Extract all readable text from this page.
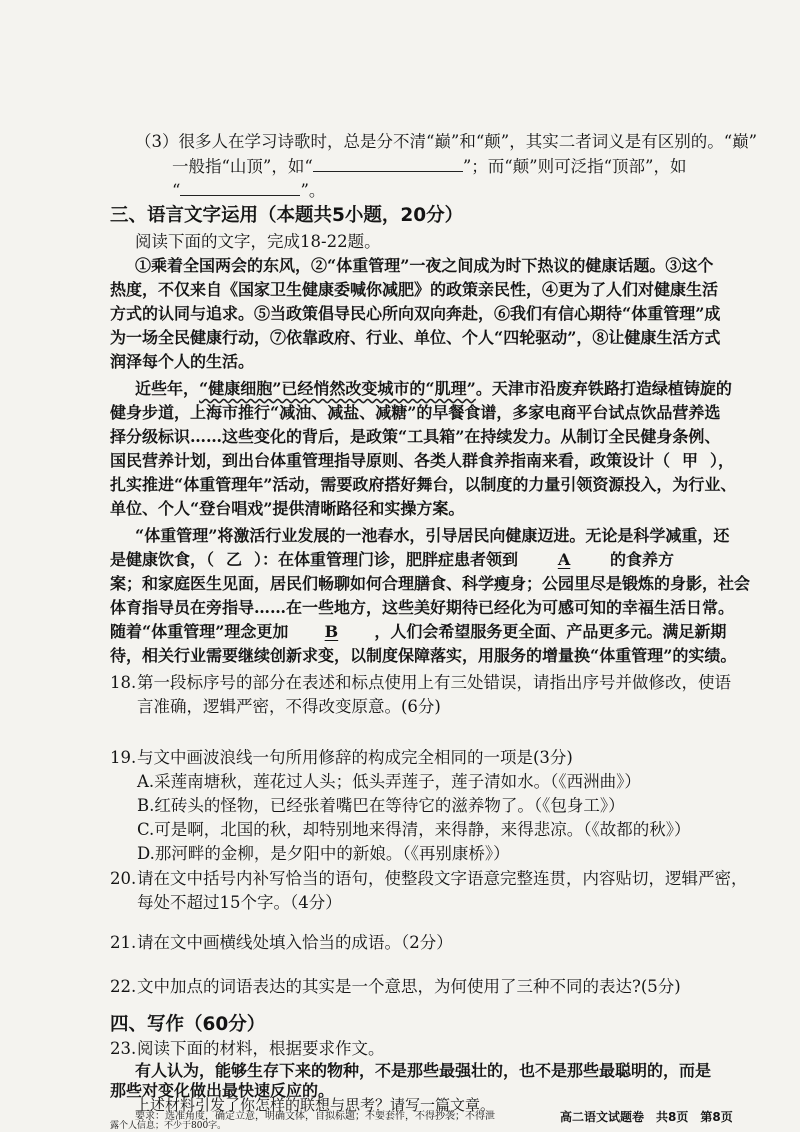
（3）很多人在学习诗歌时，总是分不清“巅”和“颠”，其实二者词义是有区别的。“巅”
一般指“山顶”，如“	”；而“颠”则可泛指“顶部”，如
“	”。
三、语言文字运用（本题共5小题，20分）
阅读下面的文字，完成18-22题。
①乘着全国两会的东风，②“体重管理”一夜之间成为时下热议的健康话题。③这个
热度，不仅来自《国家卫生健康委喊你减肥》的政策亲民性，④更为了人们对健康生活
方式的认同与追求。⑤当政策倡导民心所向双向奔赴，⑥我们有信心期待“体重管理”成
为一场全民健康行动，⑦依靠政府、行业、单位、个人“四轮驱动”，⑧让健康生活方式
润泽每个人的生活。
近些年，“健康细胞”已经悄然改变城市的“肌理”。天津市沿废弃铁路打造绿植铸旋的
健身步道，上海市推行“减油、减盐、减糖”的早餐食谱，多家电商平台试点饮品营养选
择分级标识……这些变化的背后，是政策“工具箱”在持续发力。从制订全民健身条例、
国民营养计划，到出台体重管理指导原则、各类人群食养指南来看，政策设计（ 甲 ），
扎实推进“体重管理年”活动，需要政府搭好舞台，以制度的力量引领资源投入，为行业、
单位、个人“登台唱戏”提供清晰路径和实操方案。
“体重管理”将激活行业发展的一池春水，引导居民向健康迈进。无论是科学减重，还
是健康饮食，（ 乙 ）：在体重管理门诊，肥胖症患者领到 A 的食养方
案；和家庭医生见面，居民们畅聊如何合理膳食、科学瘦身；公园里尽是锻炼的身影，社会
体育指导员在旁指导……在一些地方，这些美好期待已经化为可感可知的幸福生活日常。
随着“体重管理”理念更加 B ，人们会希望服务更全面、产品更多元。满足新期
待，相关行业需要继续创新求变，以制度保障落实，用服务的增量换“体重管理”的实绩。
18. 第一段标序号的部分在表述和标点使用上有三处错误，请指出序号并做修改，使语
言准确，逻辑严密，不得改变原意。(6分)
19. 与文中画波浪线一句所用修辞的构成完全相同的一项是(3分)
A.采莲南塘秋，莲花过人头；低头弄莲子，莲子清如水。（《西洲曲》）
B.红砖头的怪物，已经张着嘴巴在等待它的滋养物了。（《包身工》）
C.可是啊，北国的秋，却特别地来得清，来得静，来得悲凉。（《故都的秋》）
D.那河畔的金柳，是夕阳中的新娘。（《再别康桥》）
20. 请在文中括号内补写恰当的语句，使整段文字语意完整连贯，内容贴切，逻辑严密，
每处不超过15个字。（4分）
21. 请在文中画横线处填入恰当的成语。（2分）
22. 文中加点的词语表达的其实是一个意思，为何使用了三种不同的表达?(5分)
四、写作（60分）
23. 阅读下面的材料，根据要求作文。
有人认为，能够生存下来的物种，不是那些最强壮的，也不是那些最聪明的，而是
那些对变化做出最快速反应的。
上述材料引发了你怎样的联想与思考？请写一篇文章。
要求：选准角度，确定立意，明确文体，自拟标题；不要套作，不得抄袭；不得泄
露个人信息；不少于800字。
高二语文试题卷　共8页　第8页
